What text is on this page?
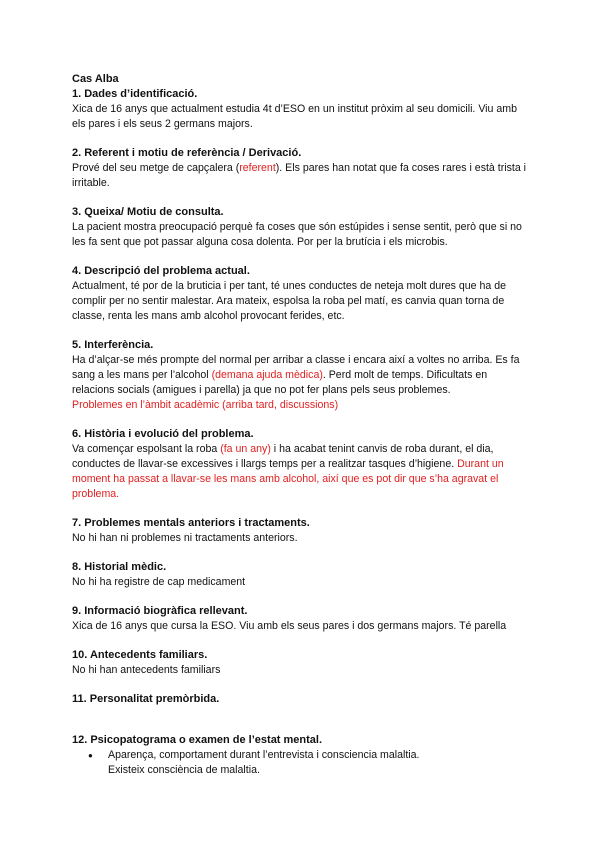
Cas Alba

1. Dades d’identificació.

Xica de 16 anys que actualment estudia 4t d’ESO en un institut pròxim al seu domicili. Viu amb els pares i els seus 2 germans majors.

2. Referent i motiu de referència / Derivació.

Prové del seu metge de capçalera (referent). Els pares han notat que fa coses rares i està trista i irritable.

3. Queixa/ Motiu de consulta.

La pacient mostra preocupació perquè fa coses que són estúpides i sense sentit, però que si no les fa sent que pot passar alguna cosa dolenta. Por per la brutícia i els microbis.

4. Descripció del problema actual.

Actualment, té por de la bruticia i per tant, té unes conductes de neteja molt dures que ha de complir per no sentir malestar. Ara mateix, espolsa la roba pel matí, es canvia quan torna de classe, renta les mans amb alcohol provocant ferides, etc.

5. Interferència.

Ha d’alçar-se més prompte del normal per arribar a classe i encara així a voltes no arriba. Es fa sang a les mans per l’alcohol (demana ajuda mèdica). Perd molt de temps. Dificultats en relacions socials (amigues i parella) ja que no pot fer plans pels seus problemes.
Problemes en l’àmbit acadèmic (arriba tard, discussions)

6. Història i evolució del problema.

Va començar espolsant la roba (fa un any) i ha acabat tenint canvis de roba durant, el dia, conductes de llavar-se excessives i llargs temps per a realitzar tasques d’higiene. Durant un moment ha passat a llavar-se les mans amb alcohol, així que es pot dir que s’ha agravat el problema.

7. Problemes mentals anteriors i tractaments.

No hi han ni problemes ni tractaments anteriors.

8. Historial mèdic.

No hi ha registre de cap medicament

9. Informació biogràfica rellevant.

Xica de 16 anys que cursa la ESO. Viu amb els seus pares i dos germans majors. Té parella

10. Antecedents familiars.

No hi han antecedents familiars

11. Personalitat premòrbida.

12. Psicopatograma o examen de l’estat mental.

● Aparença, comportament durant l’entrevista i consciencia malaltia.
Existeix consciència de malaltia.
